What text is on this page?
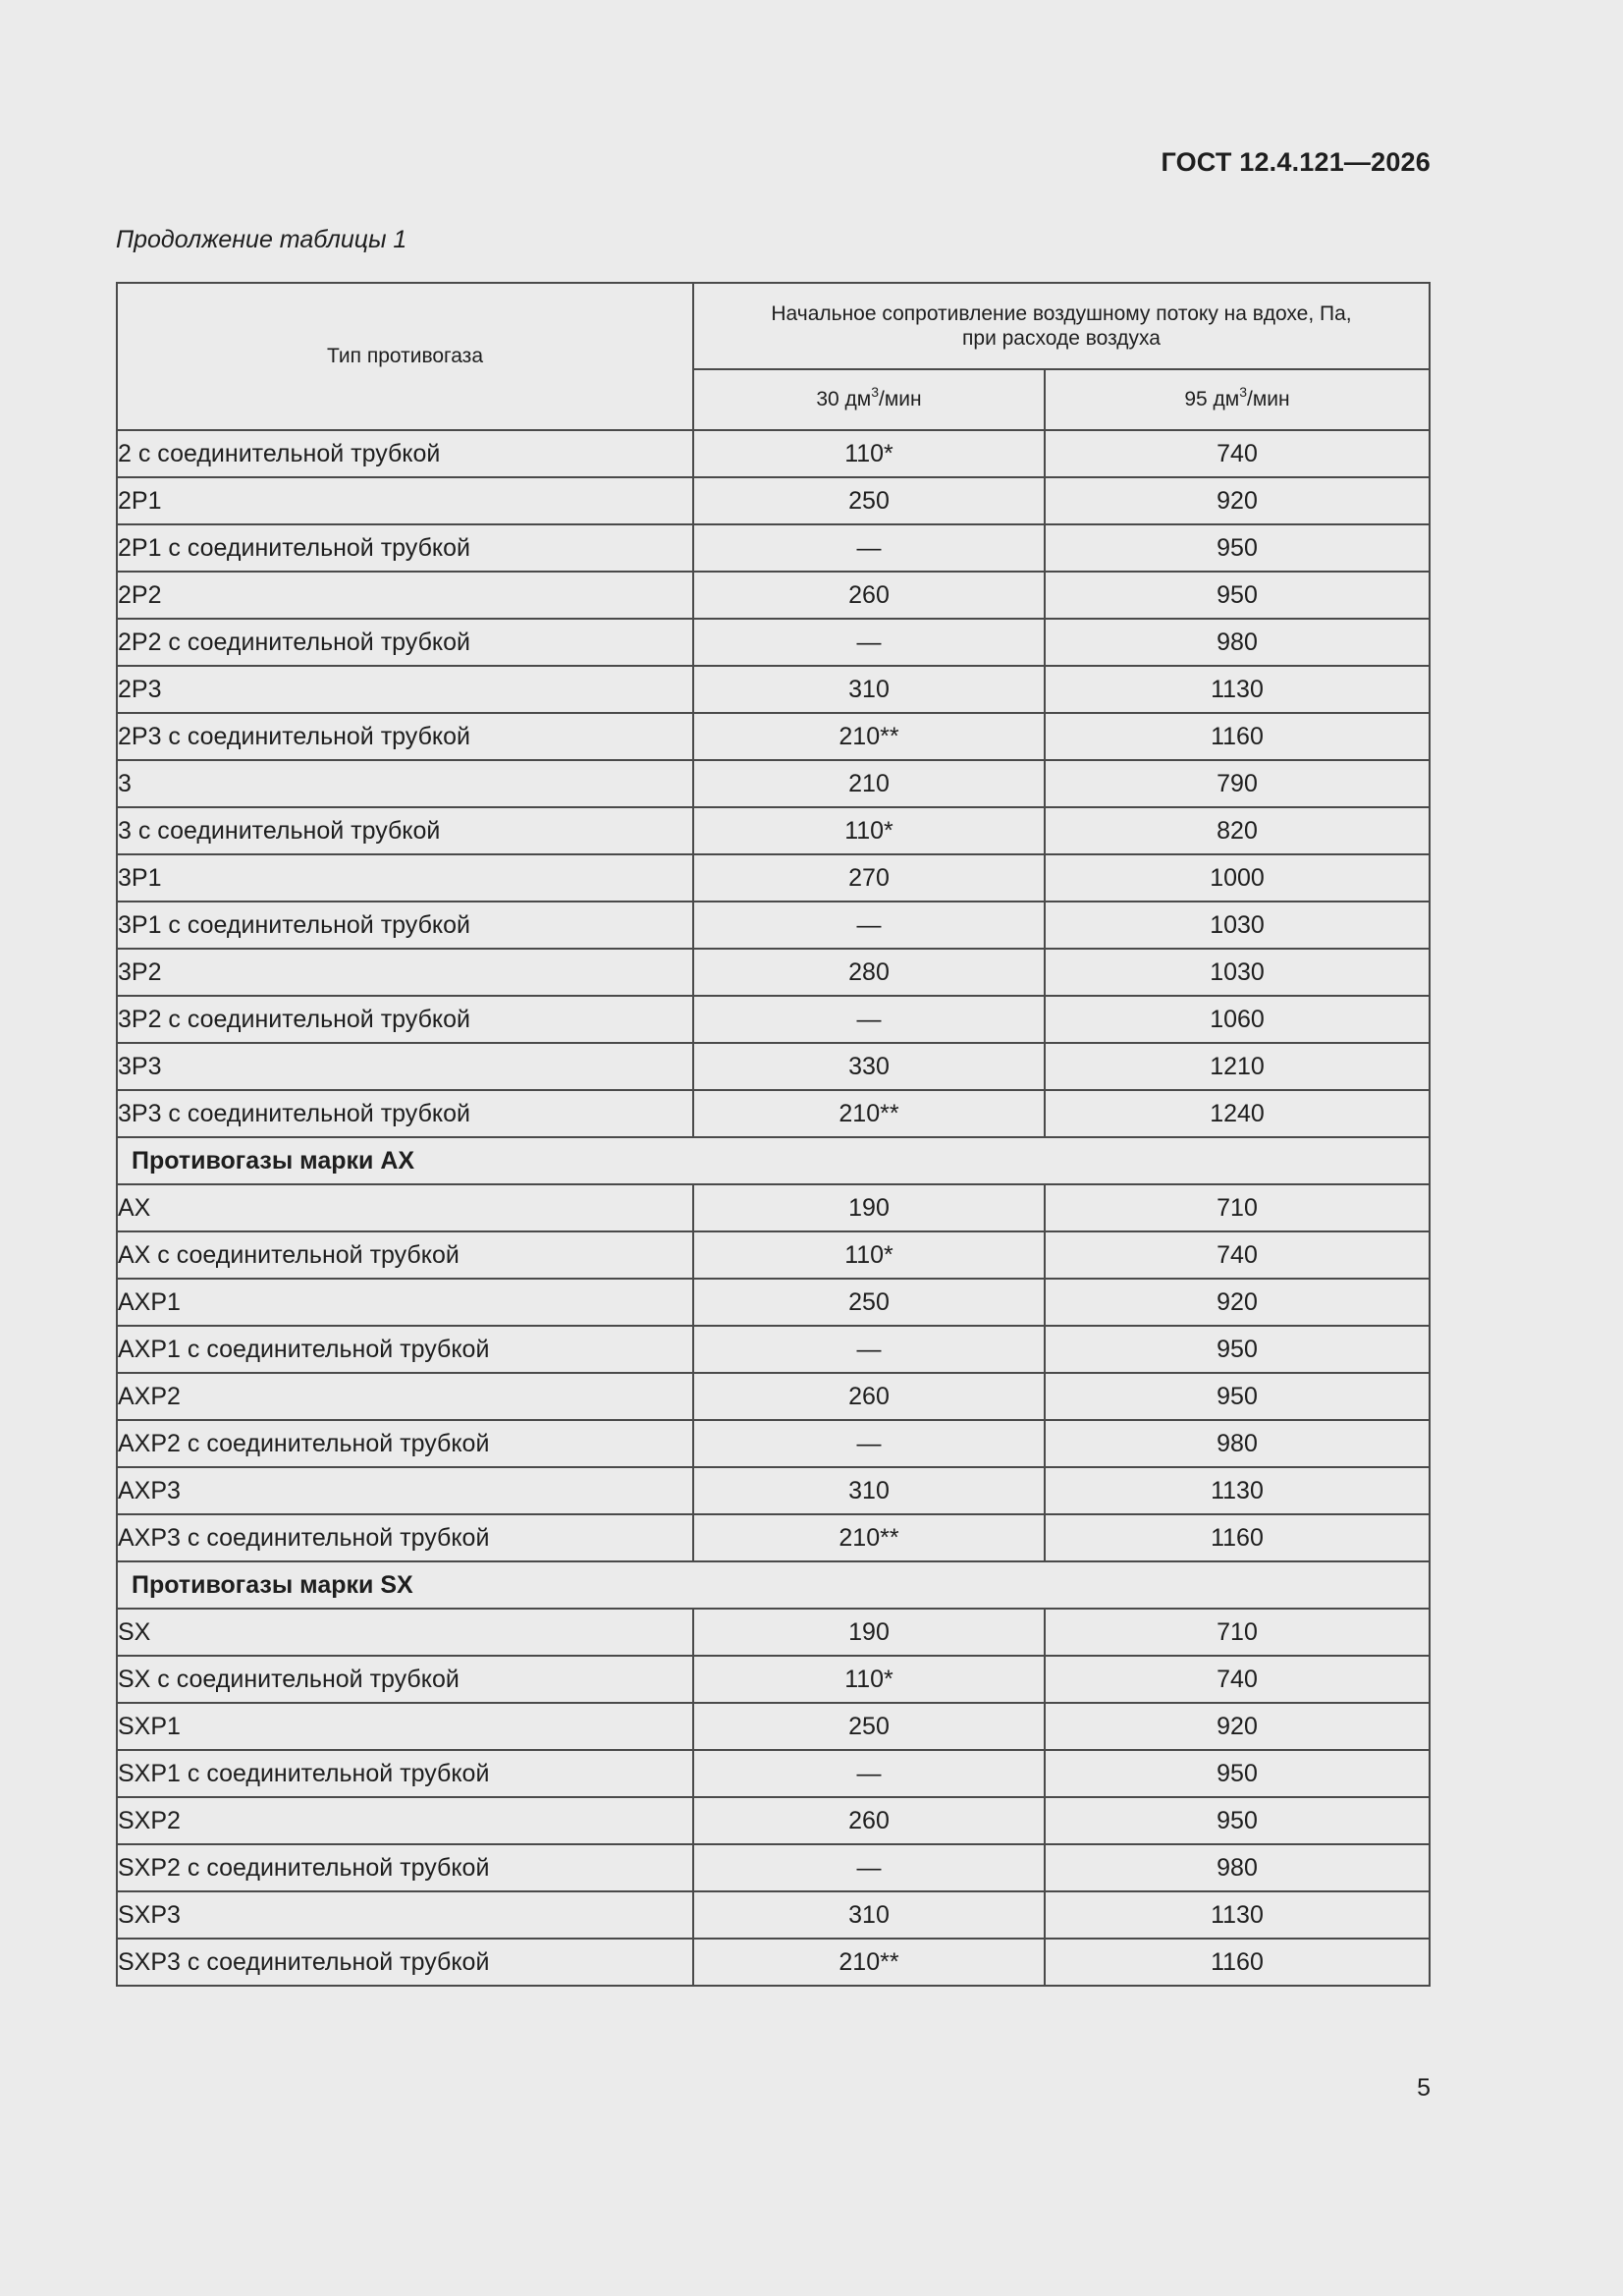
ГОСТ 12.4.121—2026
Продолжение таблицы 1
Тип противогаза	Начальное сопротивление воздушному потоку на вдохе, Па,
при расходе воздуха	
	30 $дм^3$/мин	95 $дм^3$/мин
2 с соединительной трубкой	110*	740
2Р1	250	920
2Р1 с соединительной трубкой	—	950
2Р2	260	950
2Р2 с соединительной трубкой	—	980
2Р3	310	1130
2Р3 с соединительной трубкой	210**	1160
3	210	790
3 с соединительной трубкой	110*	820
3Р1	270	1000
3Р1 с соединительной трубкой	—	1030
3Р2	280	1030
3Р2 с соединительной трубкой	—	1060
3Р3	330	1210
3Р3 с соединительной трубкой	210**	1240
Противогазы марки АХ		
АХ	190	710
АХ с соединительной трубкой	110*	740
АХР1	250	920
АХР1 с соединительной трубкой	—	950
АХР2	260	950
АХР2 с соединительной трубкой	—	980
АХР3	310	1130
АХР3 с соединительной трубкой	210**	1160
Противогазы марки SX		
SX	190	710
SX с соединительной трубкой	110*	740
SXР1	250	920
SXР1 с соединительной трубкой	—	950
SXР2	260	950
SXР2 с соединительной трубкой	—	980
SXР3	310	1130
SXР3 с соединительной трубкой	210**	1160
5
